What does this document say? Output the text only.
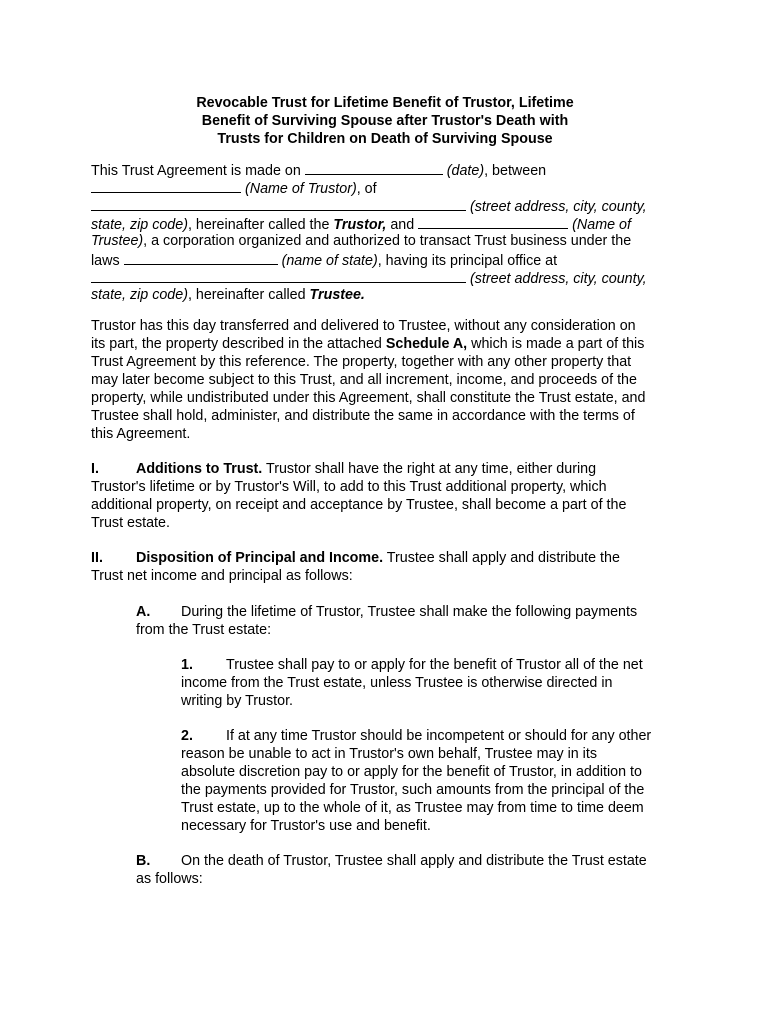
Revocable Trust for Lifetime Benefit of Trustor, Lifetime
Benefit of Surviving Spouse after Trustor's Death with
Trusts for Children on Death of Surviving Spouse
This Trust Agreement is made on	(date), between
(Name of Trustor), of
(street address, city, county,
state, zip code), hereinafter called the Trustor, and	(Name of
Trustee), a corporation organized and authorized to transact Trust business under the
laws	(name of state), having its principal office at
(street address, city, county,
state, zip code), hereinafter called Trustee.
Trustor has this day transferred and delivered to Trustee, without any consideration on
its part, the property described in the attached Schedule A, which is made a part of this
Trust Agreement by this reference. The property, together with any other property that
may later become subject to this Trust, and all increment, income, and proceeds of the
property, while undistributed under this Agreement, shall constitute the Trust estate, and
Trustee shall hold, administer, and distribute the same in accordance with the terms of
this Agreement.
I.	Additions to Trust. Trustor shall have the right at any time, either during
Trustor's lifetime or by Trustor's Will, to add to this Trust additional property, which
additional property, on receipt and acceptance by Trustee, shall become a part of the
Trust estate.
II. Disposition of Principal and Income. Trustee shall apply and distribute the
Trust net income and principal as follows:
A. During the lifetime of Trustor, Trustee shall make the following payments
from the Trust estate:
1. Trustee shall pay to or apply for the benefit of Trustor all of the net
income from the Trust estate, unless Trustee is otherwise directed in
writing by Trustor.
2. If at any time Trustor should be incompetent or should for any other
reason be unable to act in Trustor's own behalf, Trustee may in its
absolute discretion pay to or apply for the benefit of Trustor, in addition to
the payments provided for Trustor, such amounts from the principal of the
Trust estate, up to the whole of it, as Trustee may from time to time deem
necessary for Trustor's use and benefit.
B. On the death of Trustor, Trustee shall apply and distribute the Trust estate
as follows:
